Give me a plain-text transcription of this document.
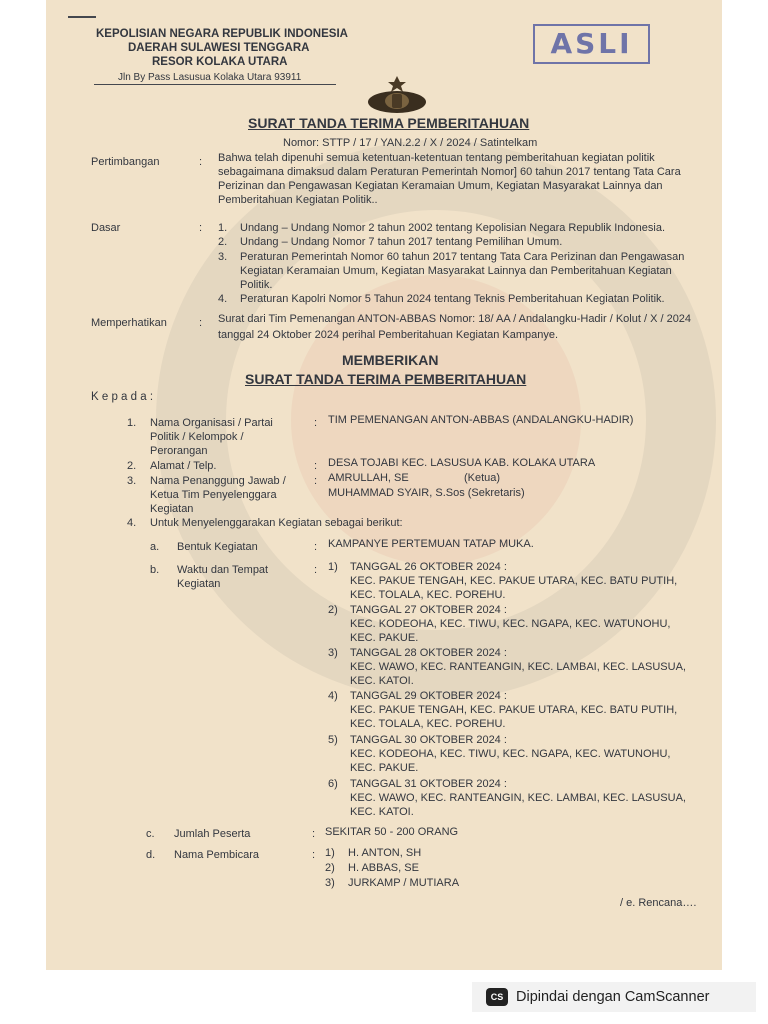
KEPOLISIAN NEGARA REPUBLIK INDONESIA
DAERAH SULAWESI TENGGARA
RESOR KOLAKA UTARA
Jln By Pass Lasusua Kolaka Utara 93911
ASLI
SURAT TANDA TERIMA PEMBERITAHUAN
Nomor: STTP / 17 / YAN.2.2 / X / 2024 / Satintelkam
Pertimbangan	: Bahwa telah dipenuhi semua ketentuan-ketentuan tentang pemberitahuan kegiatan politik
sebagaimana dimaksud dalam Peraturan Pemerintah Nomor] 60 tahun 2017 tentang Tata Cara
Perizinan dan Pengawasan Kegiatan Keramaian Umum, Kegiatan Masyarakat Lainnya dan
Pemberitahuan Kegiatan Politik..
Dasar	: 1. Undang – Undang Nomor 2 tahun 2002 tentang Kepolisian Negara Republik Indonesia.
2. Undang – Undang Nomor 7 tahun 2017 tentang Pemilihan Umum.
3. Peraturan Pemerintah Nomor 60 tahun 2017 tentang Tata Cara Perizinan dan Pengawasan
Kegiatan Keramaian Umum, Kegiatan Masyarakat Lainnya dan Pemberitahuan Kegiatan
Politik.
4. Peraturan Kapolri Nomor 5 Tahun 2024 tentang Teknis Pemberitahuan Kegiatan Politik.
Memperhatikan	: Surat dari Tim Pemenangan ANTON-ABBAS Nomor: 18/ AA / Andalangku-Hadir / Kolut / X / 2024
tanggal 24 Oktober 2024 perihal Pemberitahuan Kegiatan Kampanye.
MEMBERIKAN
SURAT TANDA TERIMA PEMBERITAHUAN
K e p a d a :
1. Nama Organisasi / Partai
Politik / Kelompok /
Perorangan
: TIM PEMENANGAN ANTON-ABBAS (ANDALANGKU-HADIR)
2. Alamat / Telp.	: DESA TOJABI KEC. LASUSUA KAB. KOLAKA UTARA
3. Nama Penanggung Jawab /
Ketua Tim Penyelenggara
Kegiatan
: AMRULLAH, SE	(Ketua)
MUHAMMAD SYAIR, S.Sos (Sekretaris)
4. Untuk Menyelenggarakan Kegiatan sebagai berikut:
a. Bentuk Kegiatan	: KAMPANYE PERTEMUAN TATAP MUKA.
b. Waktu dan Tempat
Kegiatan
: 1) TANGGAL 26 OKTOBER 2024 :
KEC. PAKUE TENGAH, KEC. PAKUE UTARA, KEC. BATU PUTIH,
KEC. TOLALA, KEC. POREHU.
2) TANGGAL 27 OKTOBER 2024 :
KEC. KODEOHA, KEC. TIWU, KEC. NGAPA, KEC. WATUNOHU,
KEC. PAKUE.
3) TANGGAL 28 OKTOBER 2024 :
KEC. WAWO, KEC. RANTEANGIN, KEC. LAMBAI, KEC. LASUSUA,
KEC. KATOI.
4) TANGGAL 29 OKTOBER 2024 :
KEC. PAKUE TENGAH, KEC. PAKUE UTARA, KEC. BATU PUTIH,
KEC. TOLALA, KEC. POREHU.
5) TANGGAL 30 OKTOBER 2024 :
KEC. KODEOHA, KEC. TIWU, KEC. NGAPA, KEC. WATUNOHU,
KEC. PAKUE.
6) TANGGAL 31 OKTOBER 2024 :
KEC. WAWO, KEC. RANTEANGIN, KEC. LAMBAI, KEC. LASUSUA,
KEC. KATOI.
c. Jumlah Peserta	: SEKITAR 50 - 200 ORANG
d. Nama Pembicara	: 1) H. ANTON, SH
2) H. ABBAS, SE
3) JURKAMP / MUTIARA
/ e. Rencana….
CS Dipindai dengan CamScanner
